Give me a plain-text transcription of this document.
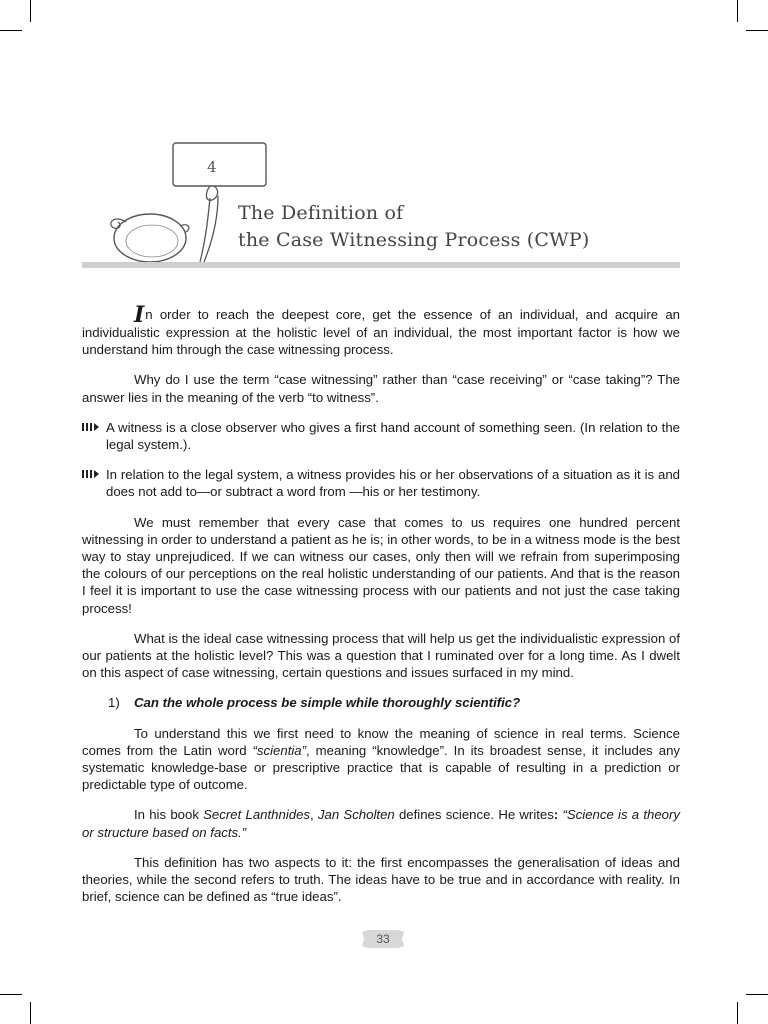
4
The Definition of
the Case Witnessing Process (CWP)

In order to reach the deepest core, get the essence of an individual, and acquire an individualistic expression at the holistic level of an individual, the most important factor is how we understand him through the case witnessing process.

Why do I use the term “case witnessing” rather than “case receiving” or “case taking”? The answer lies in the meaning of the verb “to witness”.

A witness is a close observer who gives a first hand account of something seen. (In relation to the legal system.).
In relation to the legal system, a witness provides his or her observations of a situation as it is and does not add to—or subtract a word from —his or her testimony.

We must remember that every case that comes to us requires one hundred percent witnessing in order to understand a patient as he is; in other words, to be in a witness mode is the best way to stay unprejudiced. If we can witness our cases, only then will we refrain from superimposing the colours of our perceptions on the real holistic understanding of our patients. And that is the reason I feel it is important to use the case witnessing process with our patients and not just the case taking process!

What is the ideal case witnessing process that will help us get the individualistic expression of our patients at the holistic level? This was a question that I ruminated over for a long time. As I dwelt on this aspect of case witnessing, certain questions and issues surfaced in my mind.

1) Can the whole process be simple while thoroughly scientific?

To understand this we first need to know the meaning of science in real terms. Science comes from the Latin word “scientia”, meaning “knowledge”. In its broadest sense, it includes any systematic knowledge-base or prescriptive practice that is capable of resulting in a prediction or predictable type of outcome.

In his book Secret Lanthnides, Jan Scholten defines science. He writes: “Science is a theory or structure based on facts.”

This definition has two aspects to it: the first encompasses the generalisation of ideas and theories, while the second refers to truth. The ideas have to be true and in accordance with reality. In brief, science can be defined as “true ideas”.

33
